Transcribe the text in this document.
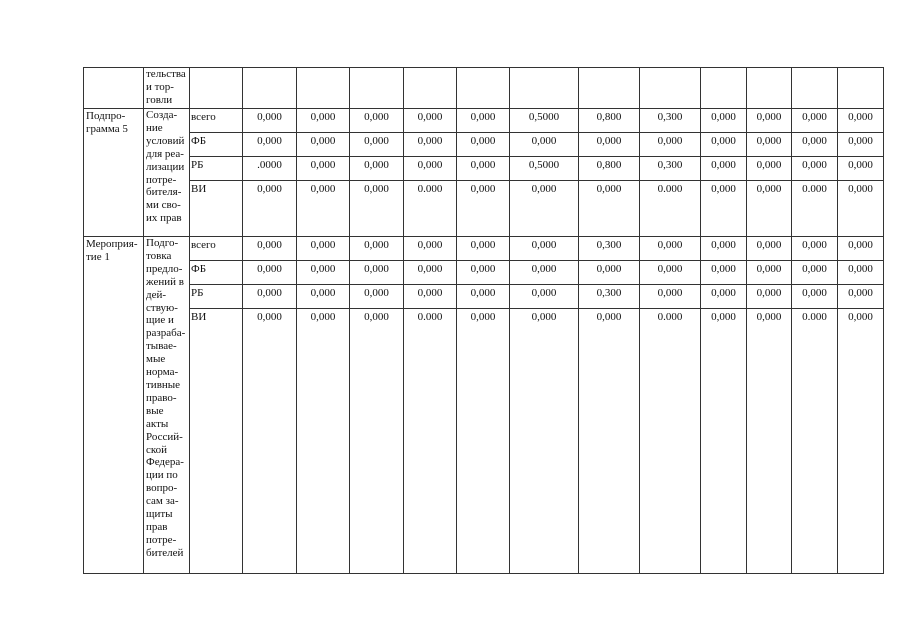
	тельства и тор- говли													
Подпро- грамма 5	Созда- ние условий для реа- лизации потре- бителя- ми сво- их прав	всего	0,000	0,000	0,000	0,000	0,000	0,5000	0,800	0,300	0,000	0,000	0,000	0,000
		ФБ	0,000	0,000	0,000	0,000	0,000	0,000	0,000	0,000	0,000	0,000	0,000	0,000
		РБ	.0000	0,000	0,000	0,000	0,000	0,5000	0,800	0,300	0,000	0,000	0,000	0,000
		ВИ	0,000	0,000	0,000	0.000	0,000	0,000	0,000	0.000	0,000	0,000	0.000	0,000
Мероприя- тие 1	Подго- товка предло- жений в дей- ствую- щие и разраба- тывае- мые норма- тивные право- вые акты Россий- ской Федера- ции по вопро- сам за- щиты прав потре- бителей	всего	0,000	0,000	0,000	0,000	0,000	0,000	0,300	0,000	0,000	0,000	0,000	0,000
		ФБ	0,000	0,000	0,000	0,000	0,000	0,000	0,000	0,000	0,000	0,000	0,000	0,000
		РБ	0,000	0,000	0,000	0,000	0,000	0,000	0,300	0,000	0,000	0,000	0,000	0,000
		ВИ	0,000	0,000	0,000	0.000	0,000	0,000	0,000	0.000	0,000	0,000	0.000	0,000
